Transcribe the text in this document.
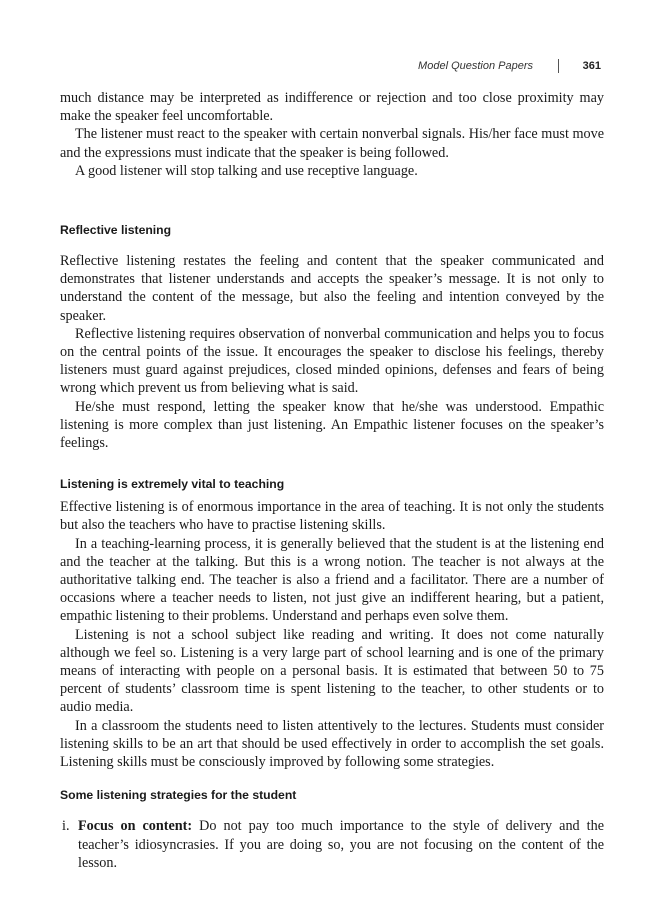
Model Question Papers	361

much distance may be interpreted as indifference or rejection and too close proximity may make the speaker feel uncomfortable.

The listener must react to the speaker with certain nonverbal signals. His/her face must move and the expressions must indicate that the speaker is being followed.

A good listener will stop talking and use receptive language.

Reflective listening

Reflective listening restates the feeling and content that the speaker communicated and demonstrates that listener understands and accepts the speaker’s message. It is not only to understand the content of the message, but also the feeling and intention conveyed by the speaker.

Reflective listening requires observation of nonverbal communication and helps you to focus on the central points of the issue. It encourages the speaker to disclose his feelings, thereby listeners must guard against prejudices, closed minded opinions, defenses and fears of being wrong which prevent us from believing what is said.

He/she must respond, letting the speaker know that he/she was understood. Empathic listening is more complex than just listening. An Empathic listener focuses on the speaker’s feelings.

Listening is extremely vital to teaching

Effective listening is of enormous importance in the area of teaching. It is not only the students but also the teachers who have to practise listening skills.

In a teaching-learning process, it is generally believed that the student is at the listening end and the teacher at the talking. But this is a wrong notion. The teacher is not always at the authoritative talking end. The teacher is also a friend and a facilitator. There are a number of occasions where a teacher needs to listen, not just give an indifferent hearing, but a patient, empathic listening to their problems. Understand and perhaps even solve them.

Listening is not a school subject like reading and writing. It does not come naturally although we feel so. Listening is a very large part of school learning and is one of the primary means of interacting with people on a personal basis. It is estimated that between 50 to 75 percent of students’ classroom time is spent listening to the teacher, to other students or to audio media.

In a classroom the students need to listen attentively to the lectures. Students must consider listening skills to be an art that should be used effectively in order to accomplish the set goals. Listening skills must be consciously improved by following some strategies.

Some listening strategies for the student
i. Focus on content: Do not pay too much importance to the style of delivery and the teacher’s idiosyncrasies. If you are doing so, you are not focusing on the content of the lesson.
